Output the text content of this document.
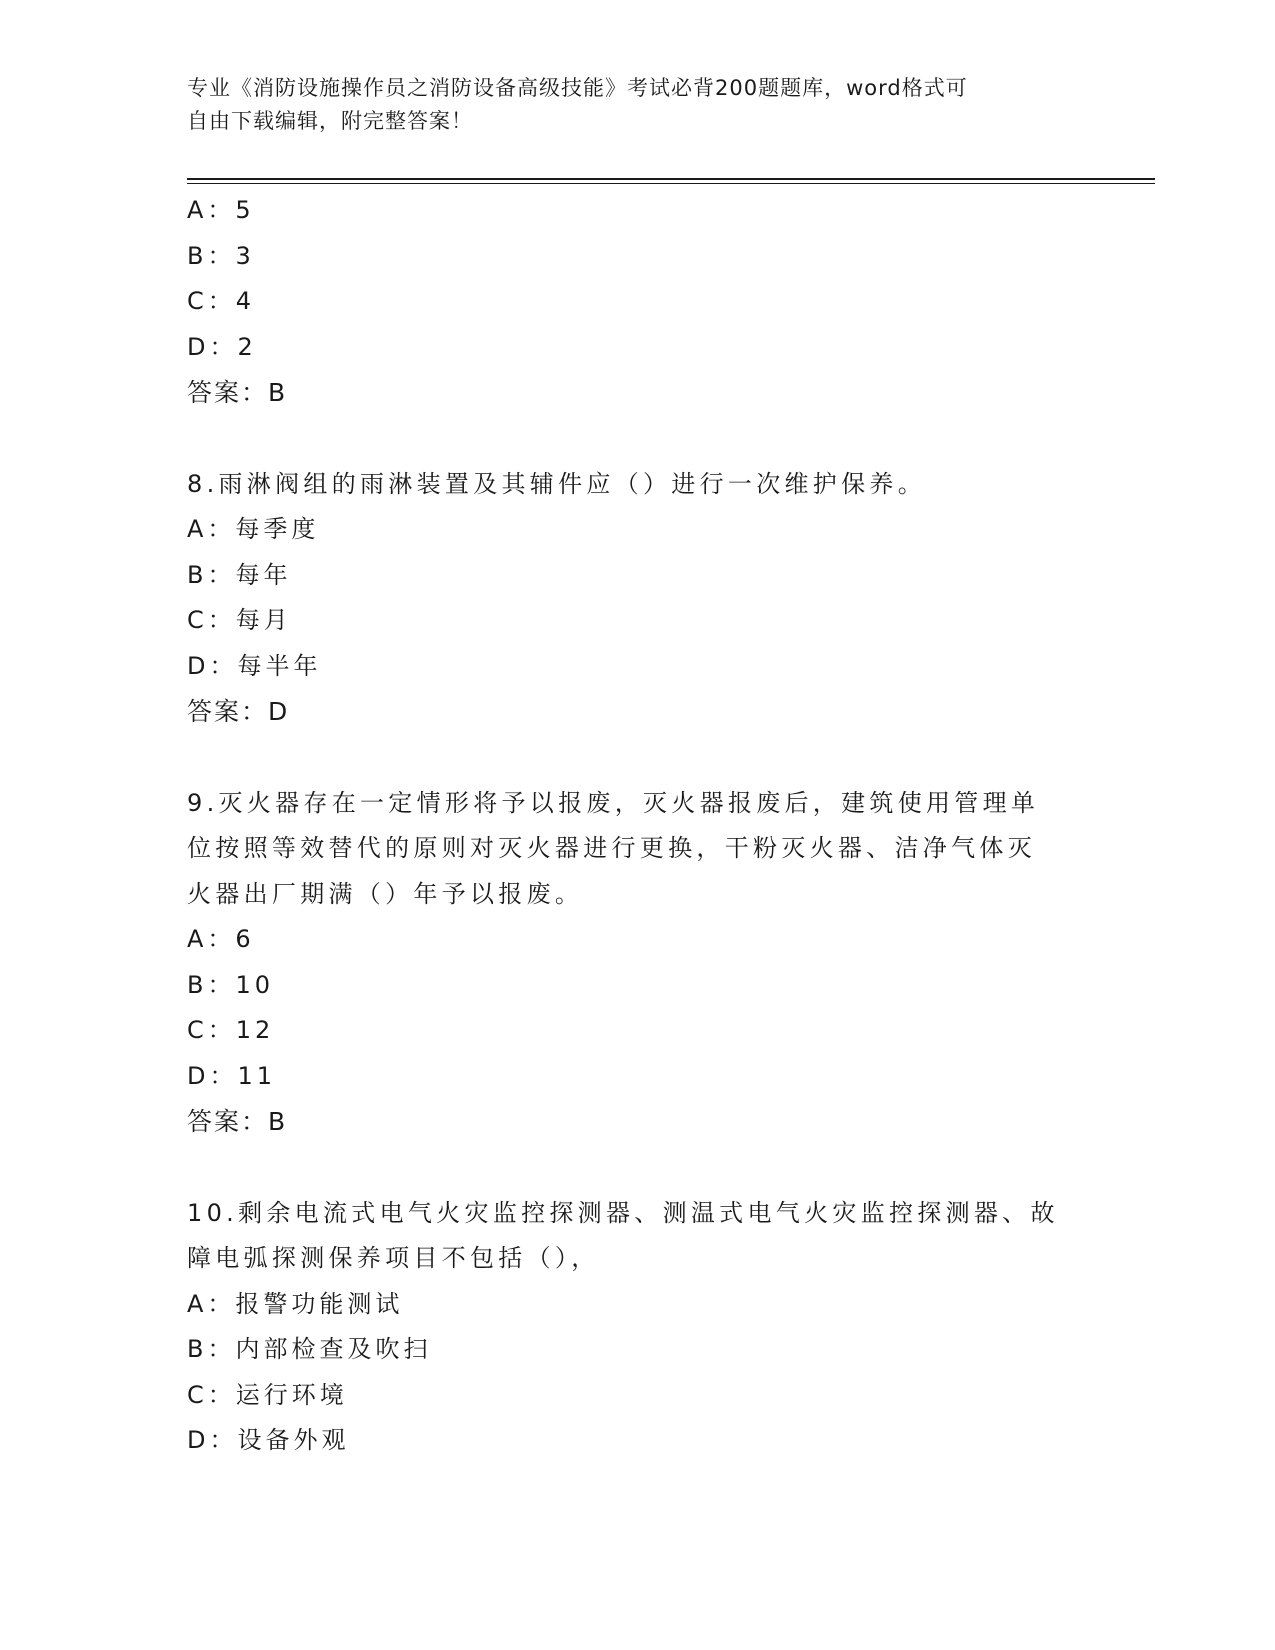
专业《消防设施操作员之消防设备高级技能》考试必背200题题库，word格式可
自由下载编辑，附完整答案！
A：5
B：3
C：4
D：2
答案：B
8.雨淋阀组的雨淋装置及其辅件应（）进行一次维护保养。
A：每季度
B：每年
C：每月
D：每半年
答案：D
9.灭火器存在一定情形将予以报废，灭火器报废后，建筑使用管理单
位按照等效替代的原则对灭火器进行更换，干粉灭火器、洁净气体灭
火器出厂期满（）年予以报废。
A：6
B：10
C：12
D：11
答案：B
10.剩余电流式电气火灾监控探测器、测温式电气火灾监控探测器、故
障电弧探测保养项目不包括（），
A：报警功能测试
B：内部检查及吹扫
C：运行环境
D：设备外观
